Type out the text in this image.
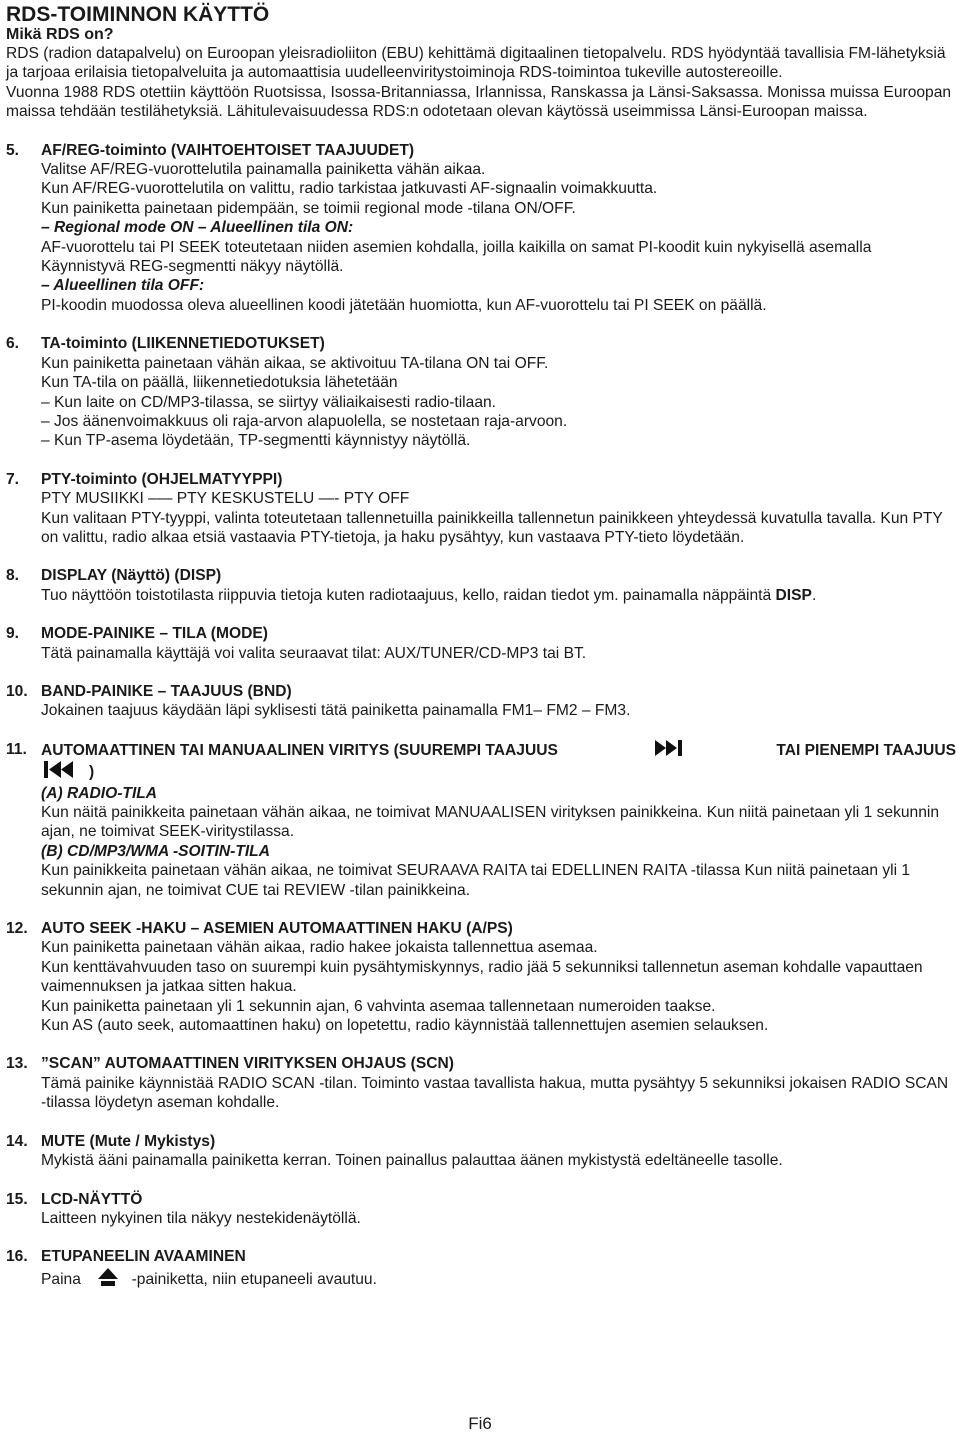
RDS-TOIMINNON KÄYTTÖ
Mikä RDS on?

RDS (radion datapalvelu) on Euroopan yleisradioliiton (EBU) kehittämä digitaalinen tietopalvelu. RDS hyödyntää tavallisia FM-lähetyksiä ja tarjoaa erilaisia tietopalveluita ja automaattisia uudelleenviritystoiminoja RDS-toimintoa tukeville autostereoille.

Vuonna 1988 RDS otettiin käyttöön Ruotsissa, Isossa-Britanniassa, Irlannissa, Ranskassa ja Länsi-Saksassa. Monissa muissa Euroopan maissa tehdään testilähetyksiä. Lähitulevaisuudessa RDS:n odotetaan olevan käytössä useimmissa Länsi-Euroopan maissa.

5. AF/REG-toiminto (VAIHTOEHTOISET TAAJUUDET)

Valitse AF/REG-vuorottelutila painamalla painiketta vähän aikaa.

Kun AF/REG-vuorottelutila on valittu, radio tarkistaa jatkuvasti AF-signaalin voimakkuutta.

Kun painiketta painetaan pidempään, se toimii regional mode -tilana ON/OFF.

– Regional mode ON – Alueellinen tila ON:

AF-vuorottelu tai PI SEEK toteutetaan niiden asemien kohdalla, joilla kaikilla on samat PI-koodit kuin nykyisellä asemalla Käynnistyvä REG-segmentti näkyy näytöllä.

– Alueellinen tila OFF:

PI-koodin muodossa oleva alueellinen koodi jätetään huomiotta, kun AF-vuorottelu tai PI SEEK on päällä.

6. TA-toiminto (LIIKENNETIEDOTUKSET)

Kun painiketta painetaan vähän aikaa, se aktivoituu TA-tilana ON tai OFF.

Kun TA-tila on päällä, liikennetiedotuksia lähetetään

– Kun laite on CD/MP3-tilassa, se siirtyy väliaikaisesti radio-tilaan.

– Jos äänenvoimakkuus oli raja-arvon alapuolella, se nostetaan raja-arvoon.

– Kun TP-asema löydetään, TP-segmentti käynnistyy näytöllä.

7. PTY-toiminto (OHJELMATYYPPI)

PTY MUSIIKKI –— PTY KESKUSTELU —- PTY OFF

Kun valitaan PTY-tyyppi, valinta toteutetaan tallennetuilla painikkeilla tallennetun painikkeen yhteydessä kuvatulla tavalla. Kun PTY on valittu, radio alkaa etsiä vastaavia PTY-tietoja, ja haku pysähtyy, kun vastaava PTY-tieto löydetään.

8. DISPLAY (Näyttö) (DISP)

Tuo näyttöön toistotilasta riippuvia tietoja kuten radiotaajuus, kello, raidan tiedot ym. painamalla näppäintä DISP.

9. MODE-PAINIKE – TILA (MODE)

Tätä painamalla käyttäjä voi valita seuraavat tilat: AUX/TUNER/CD-MP3 tai BT.

10. BAND-PAINIKE – TAAJUUS (BND)

Jokainen taajuus käydään läpi syklisesti tätä painiketta painamalla FM1– FM2 – FM3.

11. AUTOMAATTINEN TAI MANUAALINEN VIRITYS (SUUREMPI TAAJUUS	TAI PIENEMPI TAAJUUS
)

(A) RADIO-TILA

Kun näitä painikkeita painetaan vähän aikaa, ne toimivat MANUAALISEN virityksen painikkeina. Kun niitä painetaan yli 1 sekunnin ajan, ne toimivat SEEK-viritystilassa.

(B) CD/MP3/WMA -SOITIN-TILA

Kun painikkeita painetaan vähän aikaa, ne toimivat SEURAAVA RAITA tai EDELLINEN RAITA -tilassa Kun niitä painetaan yli 1 sekunnin ajan, ne toimivat CUE tai REVIEW -tilan painikkeina.

12. AUTO SEEK -HAKU – ASEMIEN AUTOMAATTINEN HAKU (A/PS)

Kun painiketta painetaan vähän aikaa, radio hakee jokaista tallennettua asemaa.

Kun kenttävahvuuden taso on suurempi kuin pysähtymiskynnys, radio jää 5 sekunniksi tallennetun aseman kohdalle vapauttaen vaimennuksen ja jatkaa sitten hakua.

Kun painiketta painetaan yli 1 sekunnin ajan, 6 vahvinta asemaa tallennetaan numeroiden taakse.

Kun AS (auto seek, automaattinen haku) on lopetettu, radio käynnistää tallennettujen asemien selauksen.

13. ”SCAN” AUTOMAATTINEN VIRITYKSEN OHJAUS (SCN)

Tämä painike käynnistää RADIO SCAN -tilan. Toiminto vastaa tavallista hakua, mutta pysähtyy 5 sekunniksi jokaisen RADIO SCAN -tilassa löydetyn aseman kohdalle.

14. MUTE (Mute / Mykistys)

Mykistä ääni painamalla painiketta kerran. Toinen painallus palauttaa äänen mykistystä edeltäneelle tasolle.

15. LCD-NÄYTTÖ

Laitteen nykyinen tila näkyy nestekidenäytöllä.

16. ETUPANEELIN AVAAMINEN

Paina	-painiketta, niin etupaneeli avautuu.

Fi6
